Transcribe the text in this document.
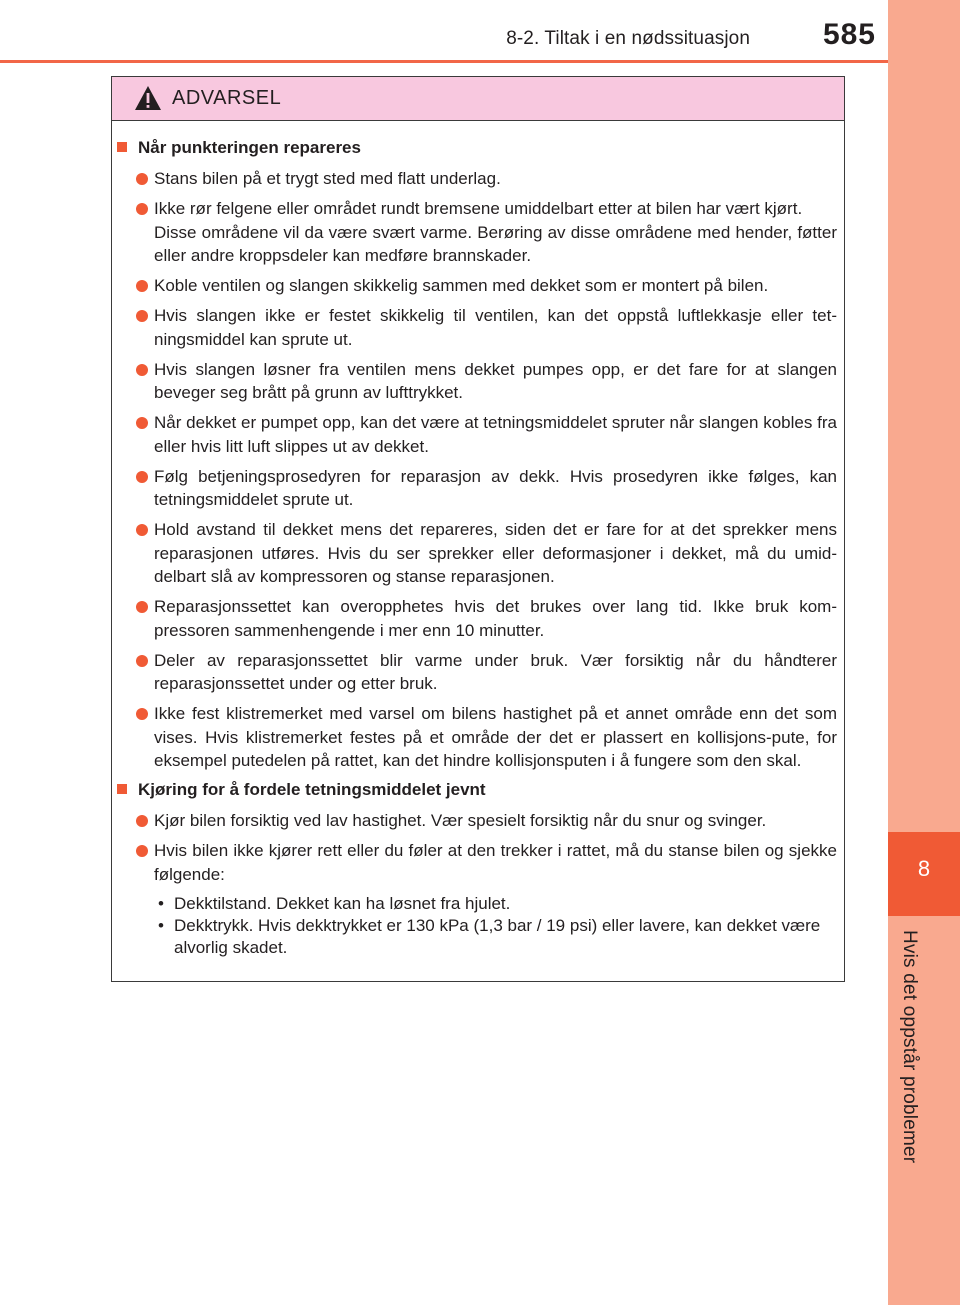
8-2. Tiltak i en nødssituasjon 585
8
Hvis det oppstår problemer
ADVARSEL
Når punkteringen repareres
Stans bilen på et trygt sted med flatt underlag.
Ikke rør felgene eller området rundt bremsene umiddelbart etter at bilen har vært kjørt.
Disse områdene vil da være svært varme. Berøring av disse områdene med hender, føtter eller andre kroppsdeler kan medføre brannskader.
Koble ventilen og slangen skikkelig sammen med dekket som er montert på bilen.
Hvis slangen ikke er festet skikkelig til ventilen, kan det oppstå luftlekkasje eller tet-ningsmiddel kan sprute ut.
Hvis slangen løsner fra ventilen mens dekket pumpes opp, er det fare for at slangen beveger seg brått på grunn av lufttrykket.
Når dekket er pumpet opp, kan det være at tetningsmiddelet spruter når slangen kobles fra eller hvis litt luft slippes ut av dekket.
Følg betjeningsprosedyren for reparasjon av dekk. Hvis prosedyren ikke følges, kan tetningsmiddelet sprute ut.
Hold avstand til dekket mens det repareres, siden det er fare for at det sprekker mens reparasjonen utføres. Hvis du ser sprekker eller deformasjoner i dekket, må du umid-delbart slå av kompressoren og stanse reparasjonen.
Reparasjonssettet kan overopphetes hvis det brukes over lang tid. Ikke bruk kom-pressoren sammenhengende i mer enn 10 minutter.
Deler av reparasjonssettet blir varme under bruk. Vær forsiktig når du håndterer reparasjonssettet under og etter bruk.
Ikke fest klistremerket med varsel om bilens hastighet på et annet område enn det som vises. Hvis klistremerket festes på et område der det er plassert en kollisjons-pute, for eksempel putedelen på rattet, kan det hindre kollisjonsputen i å fungere som den skal.
Kjøring for å fordele tetningsmiddelet jevnt
Kjør bilen forsiktig ved lav hastighet. Vær spesielt forsiktig når du snur og svinger.
Hvis bilen ikke kjører rett eller du føler at den trekker i rattet, må du stanse bilen og sjekke følgende:
• Dekktilstand. Dekket kan ha løsnet fra hjulet.
• Dekktrykk. Hvis dekktrykket er 130 kPa (1,3 bar / 19 psi) eller lavere, kan dekket være alvorlig skadet.
